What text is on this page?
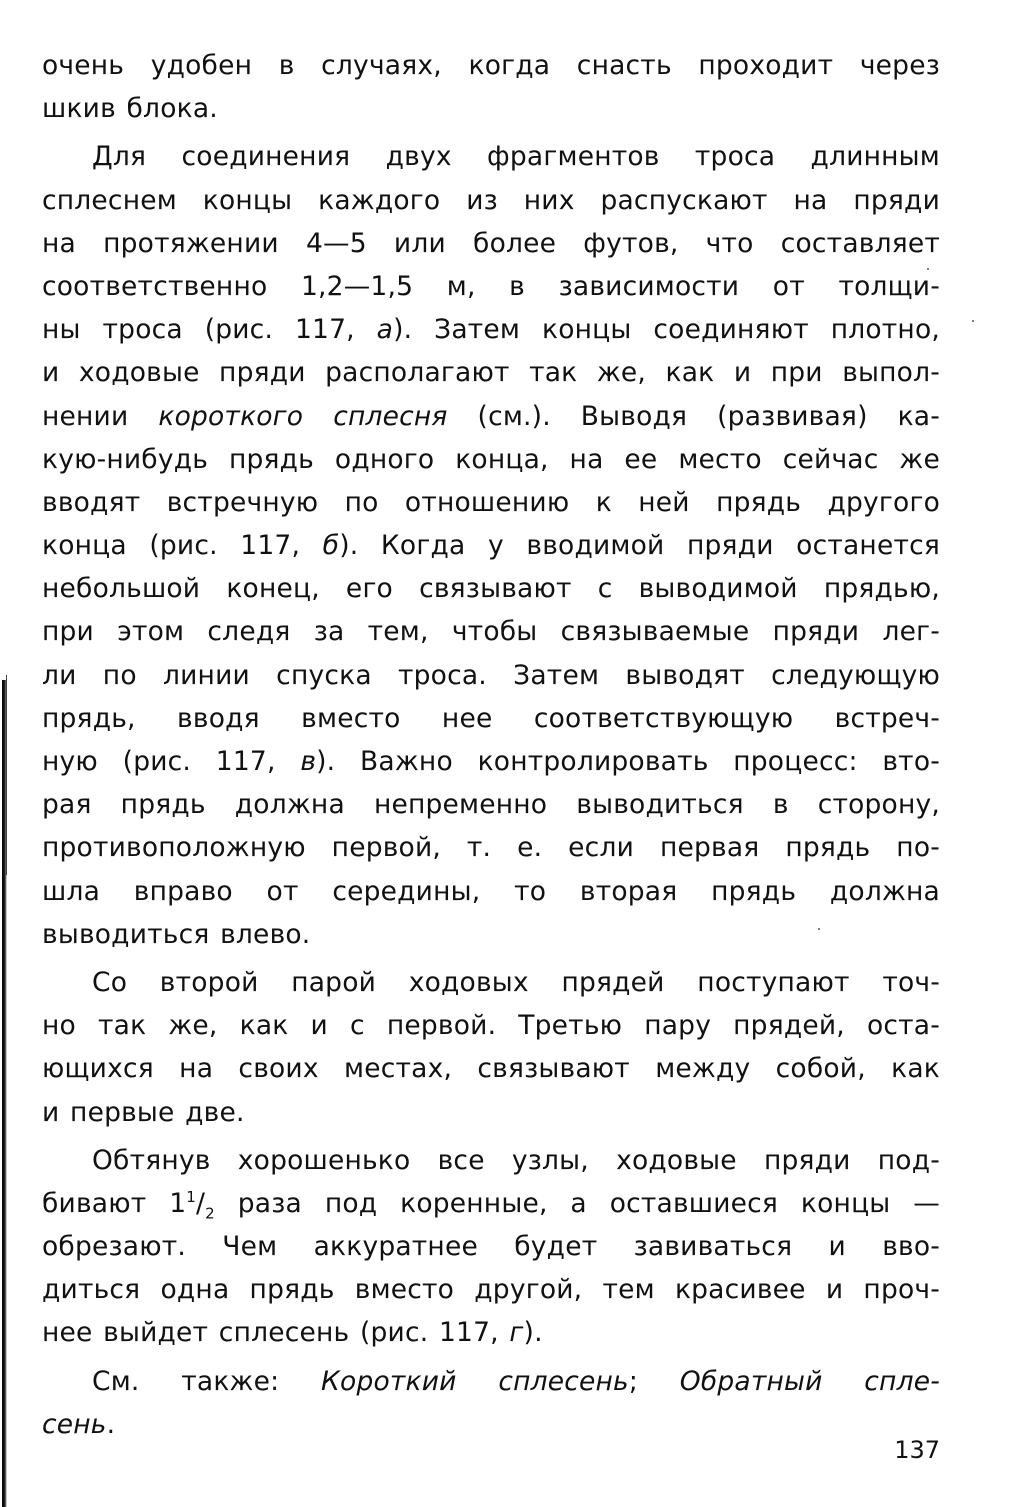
очень удобен в случаях, когда снасть проходит через
шкив блока.
Для соединения двух фрагментов троса длинным
сплеснем концы каждого из них распускают на пряди
на протяжении 4—5 или более футов, что составляет
соответственно 1,2—1,5 м, в зависимости от толщи-
ны троса (рис. 117, а). Затем концы соединяют плотно,
и ходовые пряди располагают так же, как и при выпол-
нении короткого сплесня (см.). Выводя (развивая) ка-
кую-нибудь прядь одного конца, на ее место сейчас же
вводят встречную по отношению к ней прядь другого
конца (рис. 117, б). Когда у вводимой пряди останется
небольшой конец, его связывают с выводимой прядью,
при этом следя за тем, чтобы связываемые пряди лег-
ли по линии спуска троса. Затем выводят следующую
прядь, вводя вместо нее соответствующую встреч-
ную (рис. 117, в). Важно контролировать процесс: вто-
рая прядь должна непременно выводиться в сторону,
противоположную первой, т. е. если первая прядь по-
шла вправо от середины, то вторая прядь должна
выводиться влево.
Со второй парой ходовых прядей поступают точ-
но так же, как и с первой. Третью пару прядей, оста-
ющихся на своих местах, связывают между собой, как
и первые две.
Обтянув хорошенько все узлы, ходовые пряди под-
бивают $1^1/_2$ раза под коренные, а оставшиеся концы —
обрезают. Чем аккуратнее будет завиваться и вво-
диться одна прядь вместо другой, тем красивее и проч-
нее выйдет сплесень (рис. 117, г).
См. также: Короткий сплесень; Обратный спле-
сень.
137
